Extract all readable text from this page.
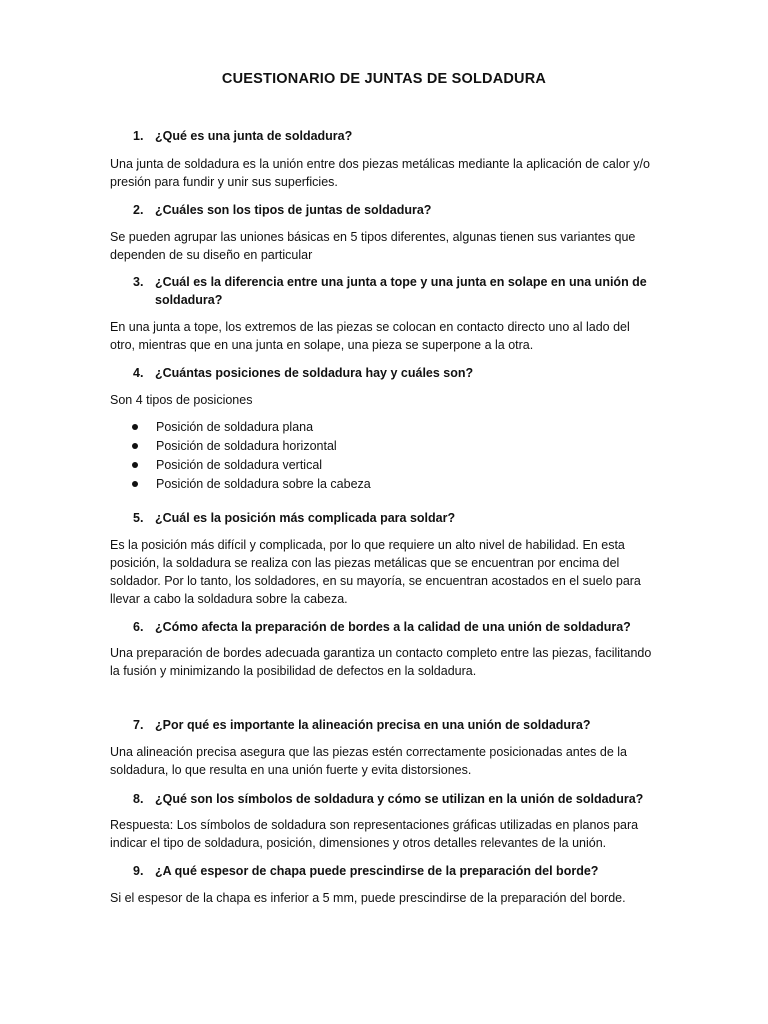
CUESTIONARIO DE JUNTAS DE SOLDADURA
1. ¿Qué es una junta de soldadura?
Una junta de soldadura es la unión entre dos piezas metálicas mediante la aplicación de calor y/o presión para fundir y unir sus superficies.
2. ¿Cuáles son los tipos de juntas de soldadura?
Se pueden agrupar las uniones básicas en 5 tipos diferentes, algunas tienen sus variantes que dependen de su diseño en particular
3. ¿Cuál es la diferencia entre una junta a tope y una junta en solape en una unión de soldadura?
En una junta a tope, los extremos de las piezas se colocan en contacto directo uno al lado del otro, mientras que en una junta en solape, una pieza se superpone a la otra.
4. ¿Cuántas posiciones de soldadura hay y cuáles son?
Son 4 tipos de posiciones
Posición de soldadura plana
Posición de soldadura horizontal
Posición de soldadura vertical
Posición de soldadura sobre la cabeza
5. ¿Cuál es la posición más complicada para soldar?
Es la posición más difícil y complicada, por lo que requiere un alto nivel de habilidad. En esta posición, la soldadura se realiza con las piezas metálicas que se encuentran por encima del soldador. Por lo tanto, los soldadores, en su mayoría, se encuentran acostados en el suelo para llevar a cabo la soldadura sobre la cabeza.
6. ¿Cómo afecta la preparación de bordes a la calidad de una unión de soldadura?
Una preparación de bordes adecuada garantiza un contacto completo entre las piezas, facilitando la fusión y minimizando la posibilidad de defectos en la soldadura.
7. ¿Por qué es importante la alineación precisa en una unión de soldadura?
Una alineación precisa asegura que las piezas estén correctamente posicionadas antes de la soldadura, lo que resulta en una unión fuerte y evita distorsiones.
8. ¿Qué son los símbolos de soldadura y cómo se utilizan en la unión de soldadura?
Respuesta: Los símbolos de soldadura son representaciones gráficas utilizadas en planos para indicar el tipo de soldadura, posición, dimensiones y otros detalles relevantes de la unión.
9. ¿A qué espesor de chapa puede prescindirse de la preparación del borde?
Si el espesor de la chapa es inferior a 5 mm, puede prescindirse de la preparación del borde.
